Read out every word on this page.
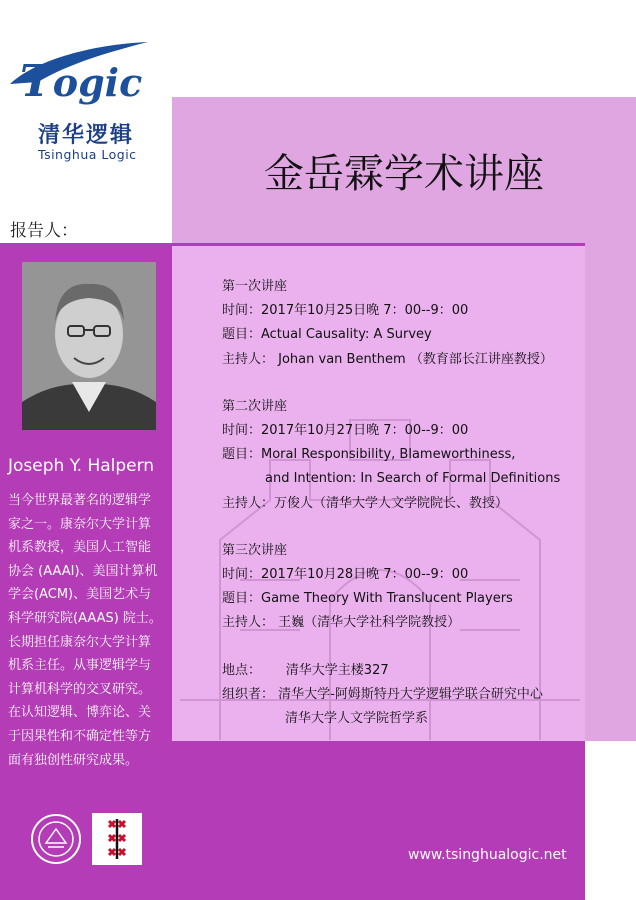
Togic
清华逻辑
Tsinghua Logic	金岳霖学术讲座
报告人：
Joseph Y. Halpern
当今世界最著名的逻辑学
家之一。康奈尔大学计算
机系教授，美国人工智能
协会 (AAAI)、美国计算机
学会(ACM)、美国艺术与
科学研究院(AAAS) 院士。
长期担任康奈尔大学计算
机系主任。从事逻辑学与
计算机科学的交叉研究。
在认知逻辑、博弈论、关
于因果性和不确定性等方
面有独创性研究成果。
第一次讲座
时间：2017年10月25日晚 7：00--9：00
题目：Actual Causality: A Survey
主持人： Johan van Benthem （教育部长江讲座教授）
第二次讲座
时间：2017年10月27日晚 7：00--9：00
题目：Moral Responsibility, Blameworthiness,
and Intention: In Search of Formal Definitions
主持人：万俊人（清华大学人文学院院长、教授）
第三次讲座
时间：2017年10月28日晚 7：00--9：00
题目：Game Theory With Translucent Players
主持人： 王巍（清华大学社科学院教授）
地点：      清华大学主楼327
组织者： 清华大学-阿姆斯特丹大学逻辑学联合研究中心
清华大学人文学院哲学系
www.tsinghualogic.net
